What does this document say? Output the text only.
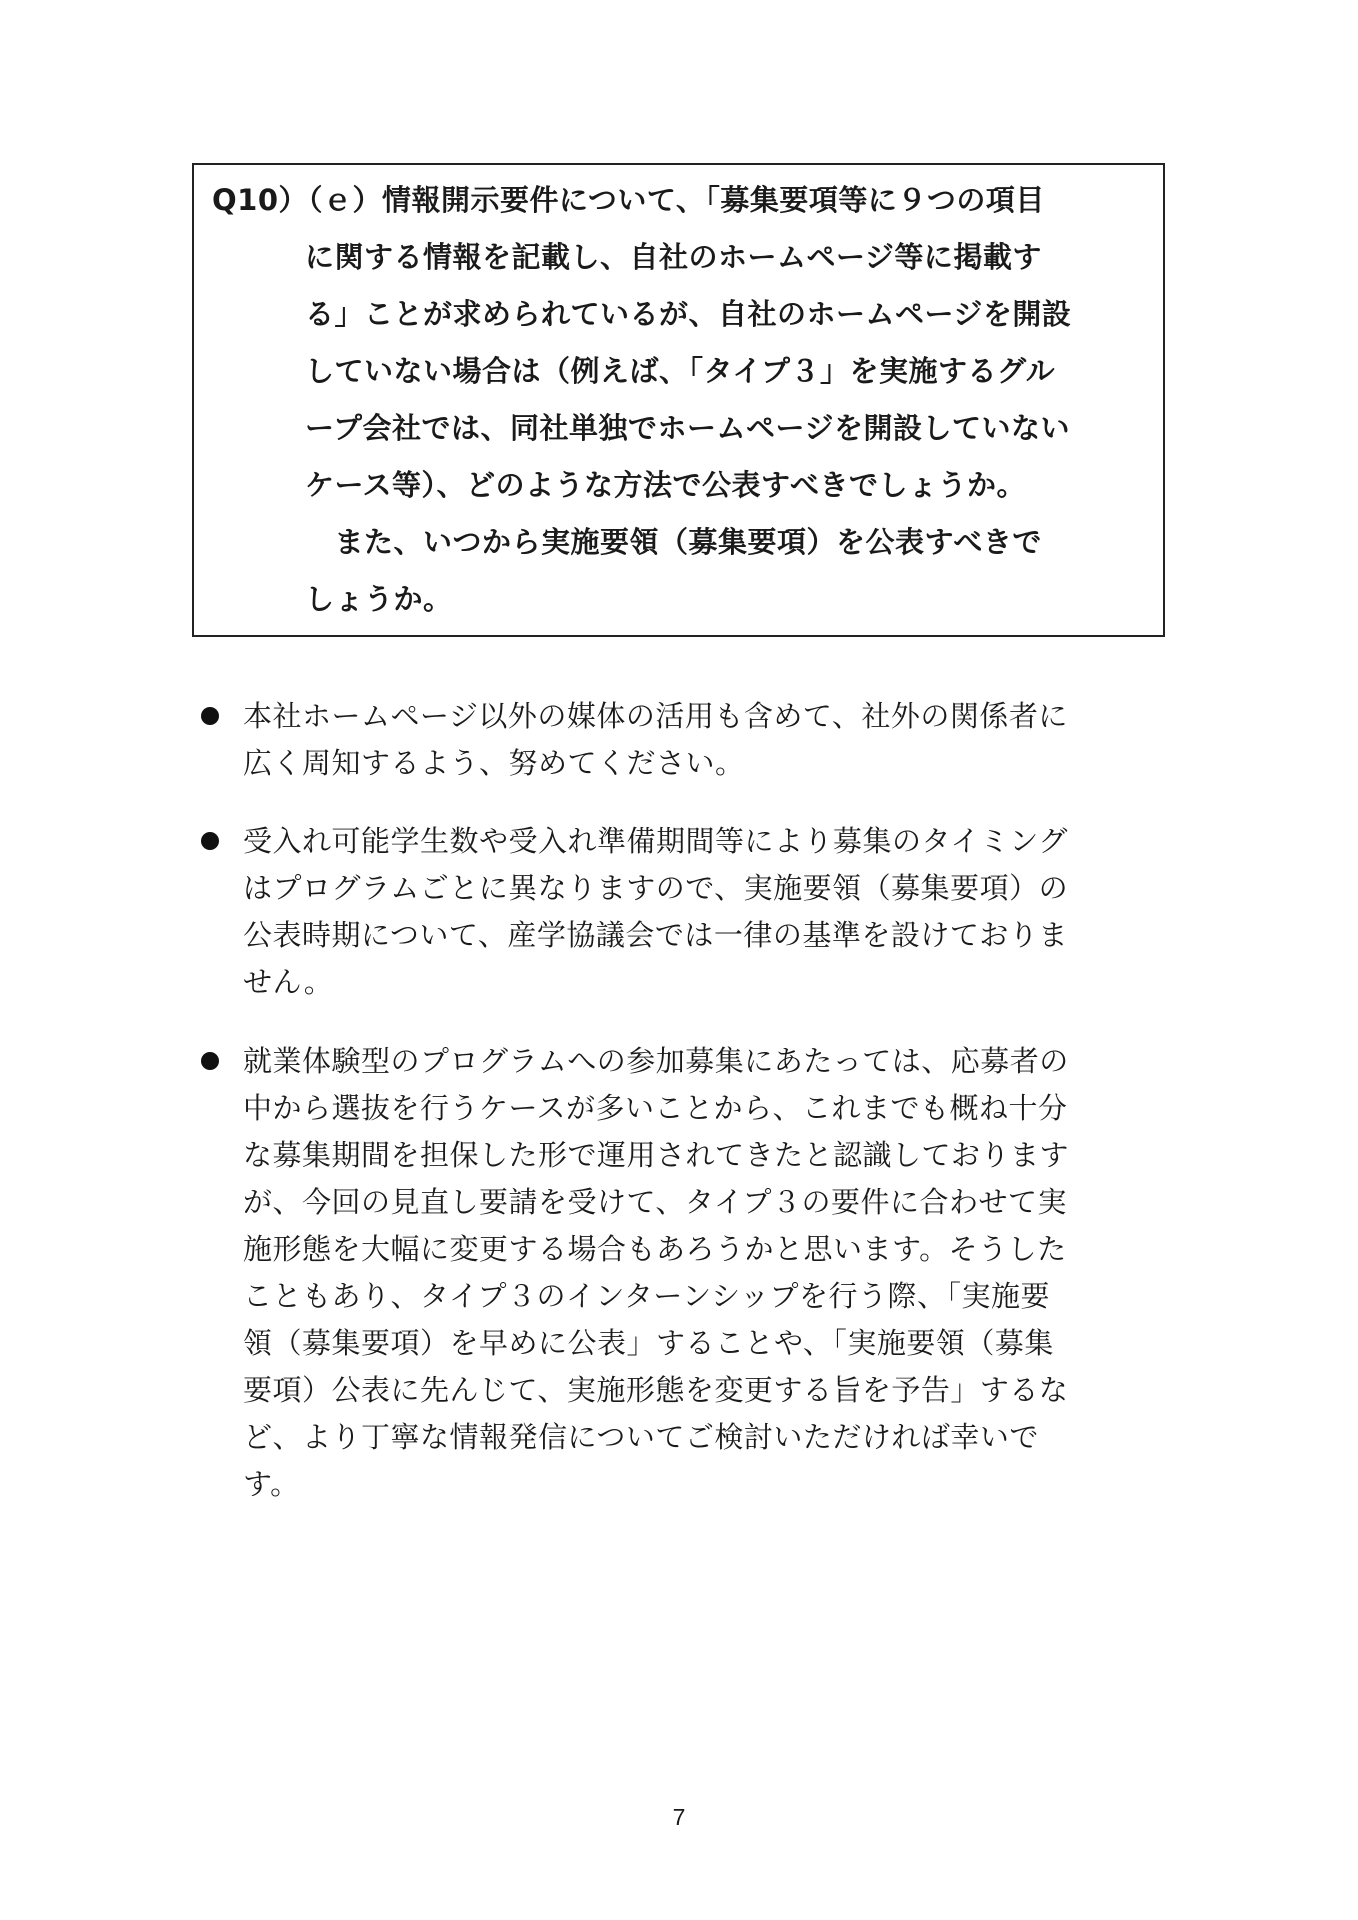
Q10）（ｅ）情報開示要件について、「募集要項等に９つの項目
に関する情報を記載し、自社のホームページ等に掲載す
る」ことが求められているが、自社のホームページを開設
していない場合は（例えば、「タイプ３」を実施するグル
ープ会社では、同社単独でホームページを開設していない
ケース等）、どのような方法で公表すべきでしょうか。
　また、いつから実施要領（募集要項）を公表すべきで
しょうか。
本社ホームページ以外の媒体の活用も含めて、社外の関係者に
広く周知するよう、努めてください。
受入れ可能学生数や受入れ準備期間等により募集のタイミング
はプログラムごとに異なりますので、実施要領（募集要項）の
公表時期について、産学協議会では一律の基準を設けておりま
せん。
就業体験型のプログラムへの参加募集にあたっては、応募者の
中から選抜を行うケースが多いことから、これまでも概ね十分
な募集期間を担保した形で運用されてきたと認識しております
が、今回の見直し要請を受けて、タイプ３の要件に合わせて実
施形態を大幅に変更する場合もあろうかと思います。そうした
こともあり、タイプ３のインターンシップを行う際、「実施要
領（募集要項）を早めに公表」することや、「実施要領（募集
要項）公表に先んじて、実施形態を変更する旨を予告」するな
ど、より丁寧な情報発信についてご検討いただければ幸いで
す。
7
